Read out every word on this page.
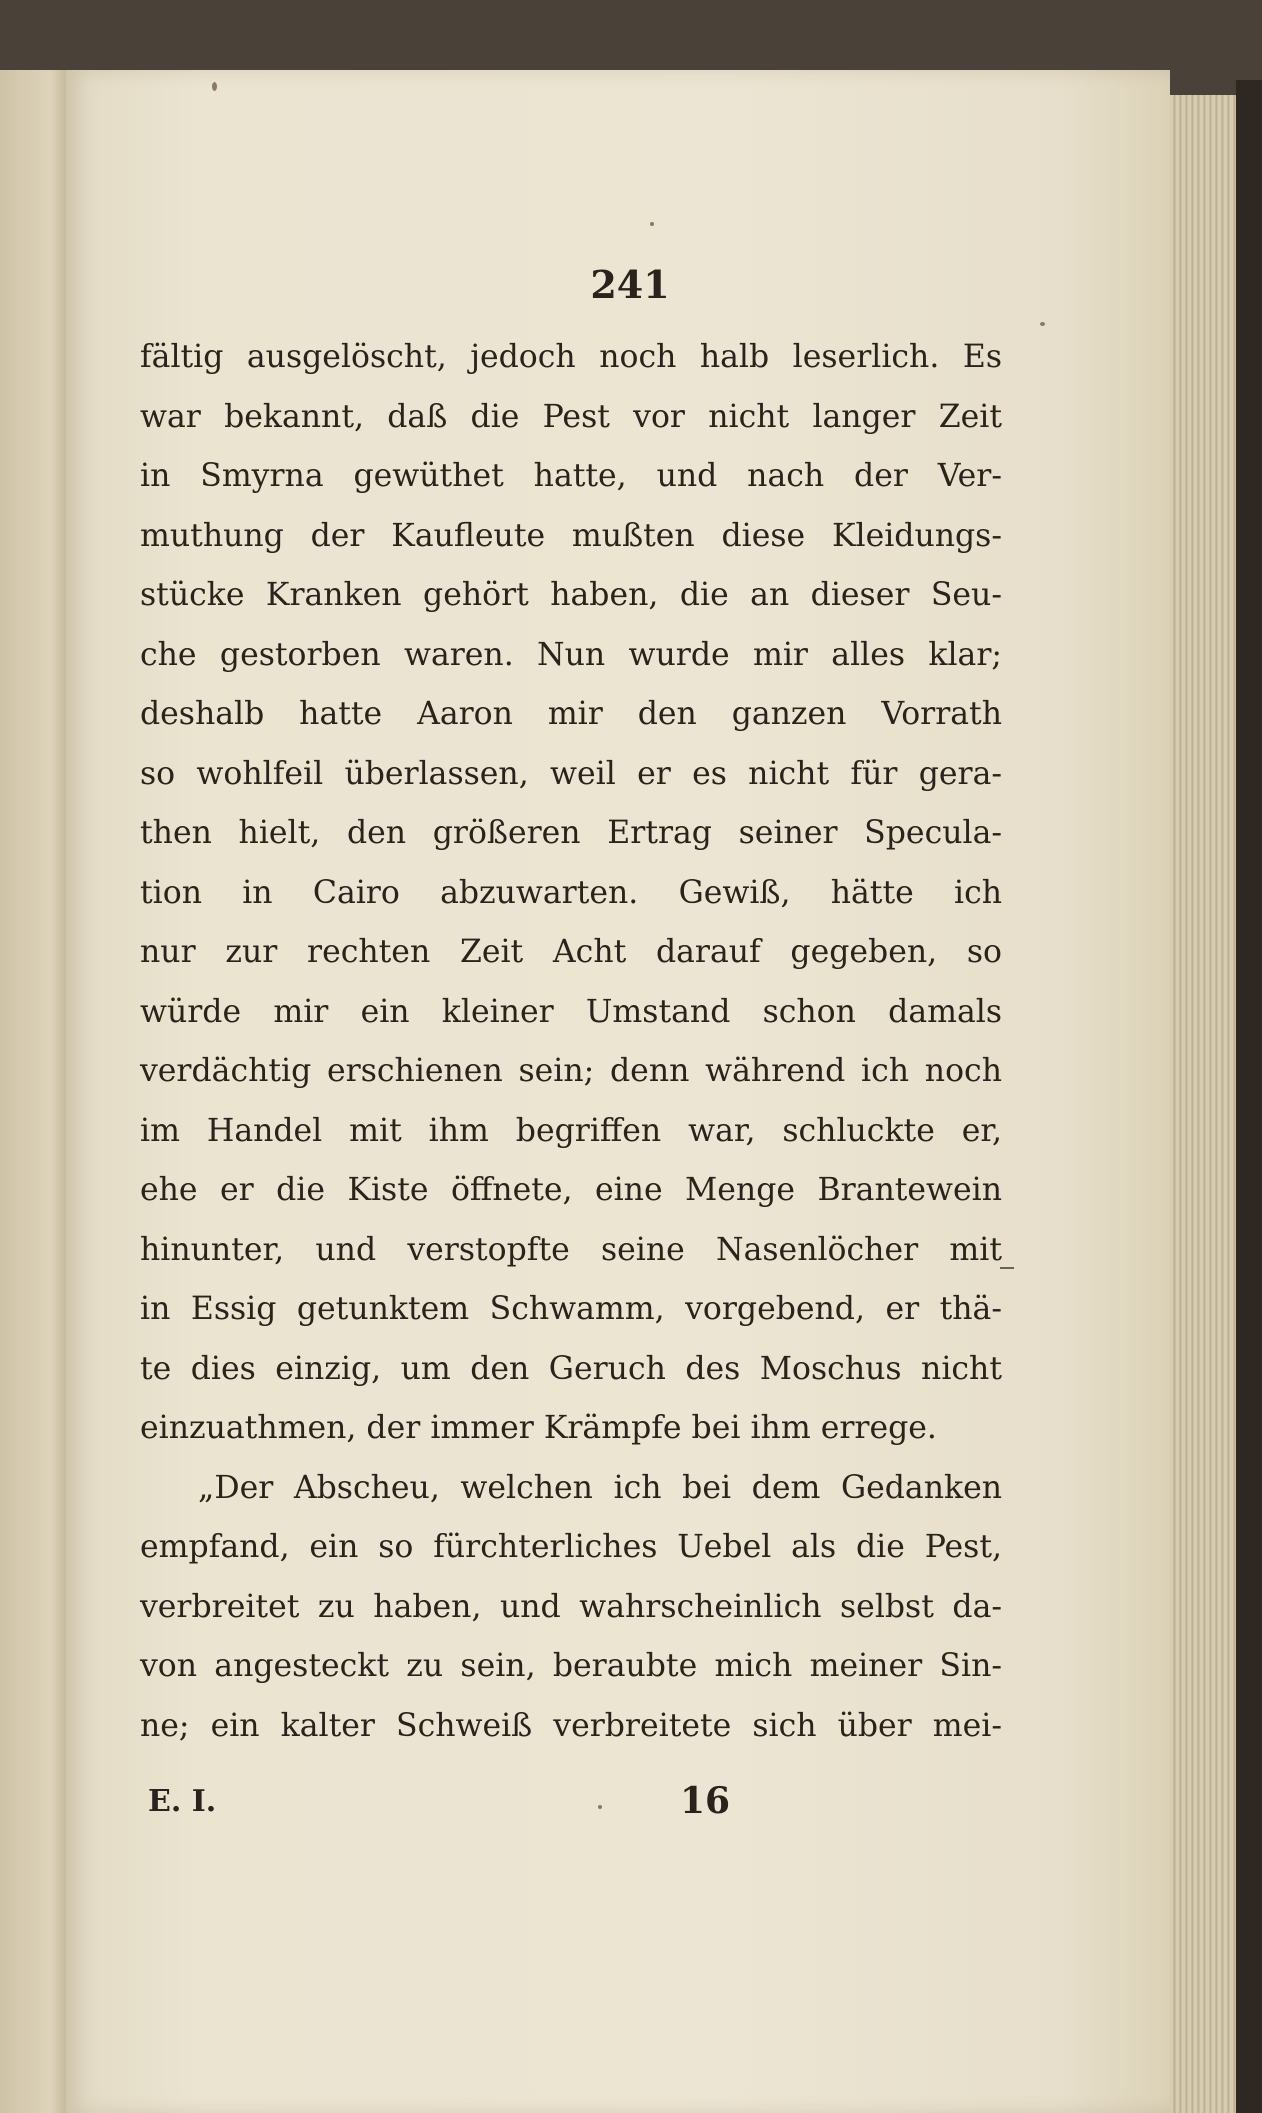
241
fältig ausgelöscht, jedoch noch halb leserlich. Es
war bekannt, daß die Pest vor nicht langer Zeit
in Smyrna gewüthet hatte, und nach der Ver-
muthung der Kaufleute mußten diese Kleidungs-
stücke Kranken gehört haben, die an dieser Seu-
che gestorben waren. Nun wurde mir alles klar;
deshalb hatte Aaron mir den ganzen Vorrath
so wohlfeil überlassen, weil er es nicht für gera-
then hielt, den größeren Ertrag seiner Specula-
tion in Cairo abzuwarten. Gewiß, hätte ich
nur zur rechten Zeit Acht darauf gegeben, so
würde mir ein kleiner Umstand schon damals
verdächtig erschienen sein; denn während ich noch
im Handel mit ihm begriffen war, schluckte er,
ehe er die Kiste öffnete, eine Menge Brantewein
hinunter, und verstopfte seine Nasenlöcher mit
in Essig getunktem Schwamm, vorgebend, er thä-
te dies einzig, um den Geruch des Moschus nicht
einzuathmen, der immer Krämpfe bei ihm errege.
„Der Abscheu, welchen ich bei dem Gedanken
empfand, ein so fürchterliches Uebel als die Pest,
verbreitet zu haben, und wahrscheinlich selbst da-
von angesteckt zu sein, beraubte mich meiner Sin-
ne; ein kalter Schweiß verbreitete sich über mei-
E. I.	16
